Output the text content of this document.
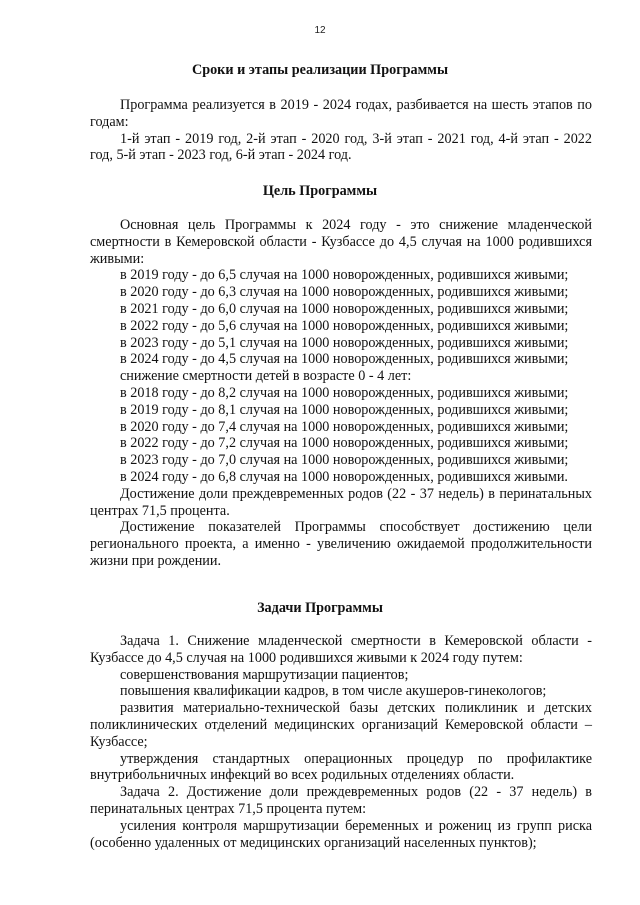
12
Сроки и этапы реализации Программы

Программа реализуется в 2019 - 2024 годах, разбивается на шесть этапов по годам:

1-й этап - 2019 год, 2-й этап - 2020 год, 3-й этап - 2021 год, 4-й этап - 2022 год, 5-й этап - 2023 год, 6-й этап - 2024 год.

Цель Программы

Основная цель Программы к 2024 году - это снижение младенческой смертности в Кемеровской области - Кузбассе до 4,5 случая на 1000 родившихся живыми:

в 2019 году - до 6,5 случая на 1000 новорожденных, родившихся живыми;

в 2020 году - до 6,3 случая на 1000 новорожденных, родившихся живыми;

в 2021 году - до 6,0 случая на 1000 новорожденных, родившихся живыми;

в 2022 году - до 5,6 случая на 1000 новорожденных, родившихся живыми;

в 2023 году - до 5,1 случая на 1000 новорожденных, родившихся живыми;

в 2024 году - до 4,5 случая на 1000 новорожденных, родившихся живыми;

снижение смертности детей в возрасте 0 - 4 лет:

в 2018 году - до 8,2 случая на 1000 новорожденных, родившихся живыми;

в 2019 году - до 8,1 случая на 1000 новорожденных, родившихся живыми;

в 2020 году - до 7,4 случая на 1000 новорожденных, родившихся живыми;

в 2022 году - до 7,2 случая на 1000 новорожденных, родившихся живыми;

в 2023 году - до 7,0 случая на 1000 новорожденных, родившихся живыми;

в 2024 году - до 6,8 случая на 1000 новорожденных, родившихся живыми.

Достижение доли преждевременных родов (22 - 37 недель) в перинатальных центрах 71,5 процента.

Достижение показателей Программы способствует достижению цели регионального проекта, а именно - увеличению ожидаемой продолжительности жизни при рождении.

Задачи Программы

Задача 1. Снижение младенческой смертности в Кемеровской области - Кузбассе до 4,5 случая на 1000 родившихся живыми к 2024 году путем:

совершенствования маршрутизации пациентов;

повышения квалификации кадров, в том числе акушеров-гинекологов;

развития материально-технической базы детских поликлиник и детских поликлинических отделений медицинских организаций Кемеровской области – Кузбассе;

утверждения стандартных операционных процедур по профилактике внутрибольничных инфекций во всех родильных отделениях области.

Задача 2. Достижение доли преждевременных родов (22 - 37 недель) в перинатальных центрах 71,5 процента путем:

усиления контроля маршрутизации беременных и рожениц из групп риска (особенно удаленных от медицинских организаций населенных пунктов);
